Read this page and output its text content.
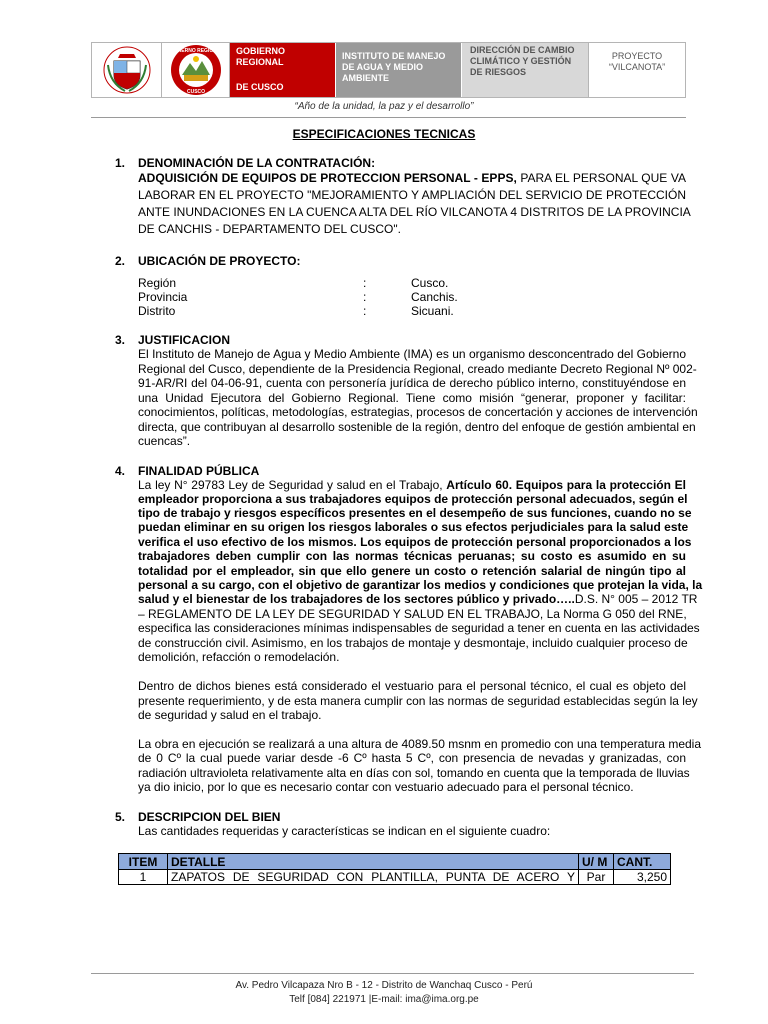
GOBIERNO REGIONAL
CUSCO
GOBIERNO REGIONAL
DE CUSCO
INSTITUTO DE MANEJO DE AGUA Y MEDIO AMBIENTE
DIRECCIÓN DE CAMBIO CLIMÁTICO Y GESTIÓN DE RIESGOS
PROYECTO
“VILCANOTA”
“Año de la unidad, la paz y el desarrollo”
ESPECIFICACIONES TECNICAS
1. DENOMINACIÓN DE LA CONTRATACIÓN:
ADQUISICIÓN DE EQUIPOS DE PROTECCION PERSONAL - EPPS, PARA EL PERSONAL QUE VA
LABORAR EN EL PROYECTO "MEJORAMIENTO Y AMPLIACIÓN DEL SERVICIO DE PROTECCIÓN
ANTE INUNDACIONES EN LA CUENCA ALTA DEL RÍO VILCANOTA 4 DISTRITOS DE LA PROVINCIA
DE CANCHIS - DEPARTAMENTO DEL CUSCO".
2. UBICACIÓN DE PROYECTO:
Región	:	Cusco.
Provincia	:	Canchis.
Distrito	:	Sicuani.
3. JUSTIFICACION
El Instituto de Manejo de Agua y Medio Ambiente (IMA) es un organismo desconcentrado del Gobierno
Regional del Cusco, dependiente de la Presidencia Regional, creado mediante Decreto Regional Nº 002-
91-AR/RI del 04-06-91, cuenta con personería jurídica de derecho público interno, constituyéndose en
una Unidad Ejecutora del Gobierno Regional. Tiene como misión “generar, proponer y facilitar:
conocimientos, políticas, metodologías, estrategias, procesos de concertación y acciones de intervención
directa, que contribuyan al desarrollo sostenible de la región, dentro del enfoque de gestión ambiental en
cuencas”.
4. FINALIDAD PÚBLICA
La ley N° 29783 Ley de Seguridad y salud en el Trabajo, Artículo 60. Equipos para la protección El
empleador proporciona a sus trabajadores equipos de protección personal adecuados, según el
tipo de trabajo y riesgos específicos presentes en el desempeño de sus funciones, cuando no se
puedan eliminar en su origen los riesgos laborales o sus efectos perjudiciales para la salud este
verifica el uso efectivo de los mismos. Los equipos de protección personal proporcionados a los
trabajadores deben cumplir con las normas técnicas peruanas; su costo es asumido en su
totalidad por el empleador, sin que ello genere un costo o retención salarial de ningún tipo al
personal a su cargo, con el objetivo de garantizar los medios y condiciones que protejan la vida, la
salud y el bienestar de los trabajadores de los sectores público y privado…..D.S. N° 005 – 2012 TR
– REGLAMENTO DE LA LEY DE SEGURIDAD Y SALUD EN EL TRABAJO, La Norma G 050 del RNE,
especifica las consideraciones mínimas indispensables de seguridad a tener en cuenta en las actividades
de construcción civil. Asimismo, en los trabajos de montaje y desmontaje, incluido cualquier proceso de
demolición, refacción o remodelación.
Dentro de dichos bienes está considerado el vestuario para el personal técnico, el cual es objeto del
presente requerimiento, y de esta manera cumplir con las normas de seguridad establecidas según la ley
de seguridad y salud en el trabajo.
La obra en ejecución se realizará a una altura de 4089.50 msnm en promedio con una temperatura media
de 0 Cº la cual puede variar desde -6 Cº hasta 5 Cº, con presencia de nevadas y granizadas, con
radiación ultravioleta relativamente alta en días con sol, tomando en cuenta que la temporada de lluvias
ya dio inicio, por lo que es necesario contar con vestuario adecuado para el personal técnico.
5. DESCRIPCION DEL BIEN
Las cantidades requeridas y características se indican en el siguiente cuadro:
ITEM	DETALLE	U/ M	CANT.
1	ZAPATOS DE SEGURIDAD CON PLANTILLA, PUNTA DE ACERO Y	Par	3,250
Av. Pedro Vilcapaza Nro B - 12 - Distrito de Wanchaq Cusco - Perú
Telf [084] 221971 |E-mail: ima@ima.org.pe
